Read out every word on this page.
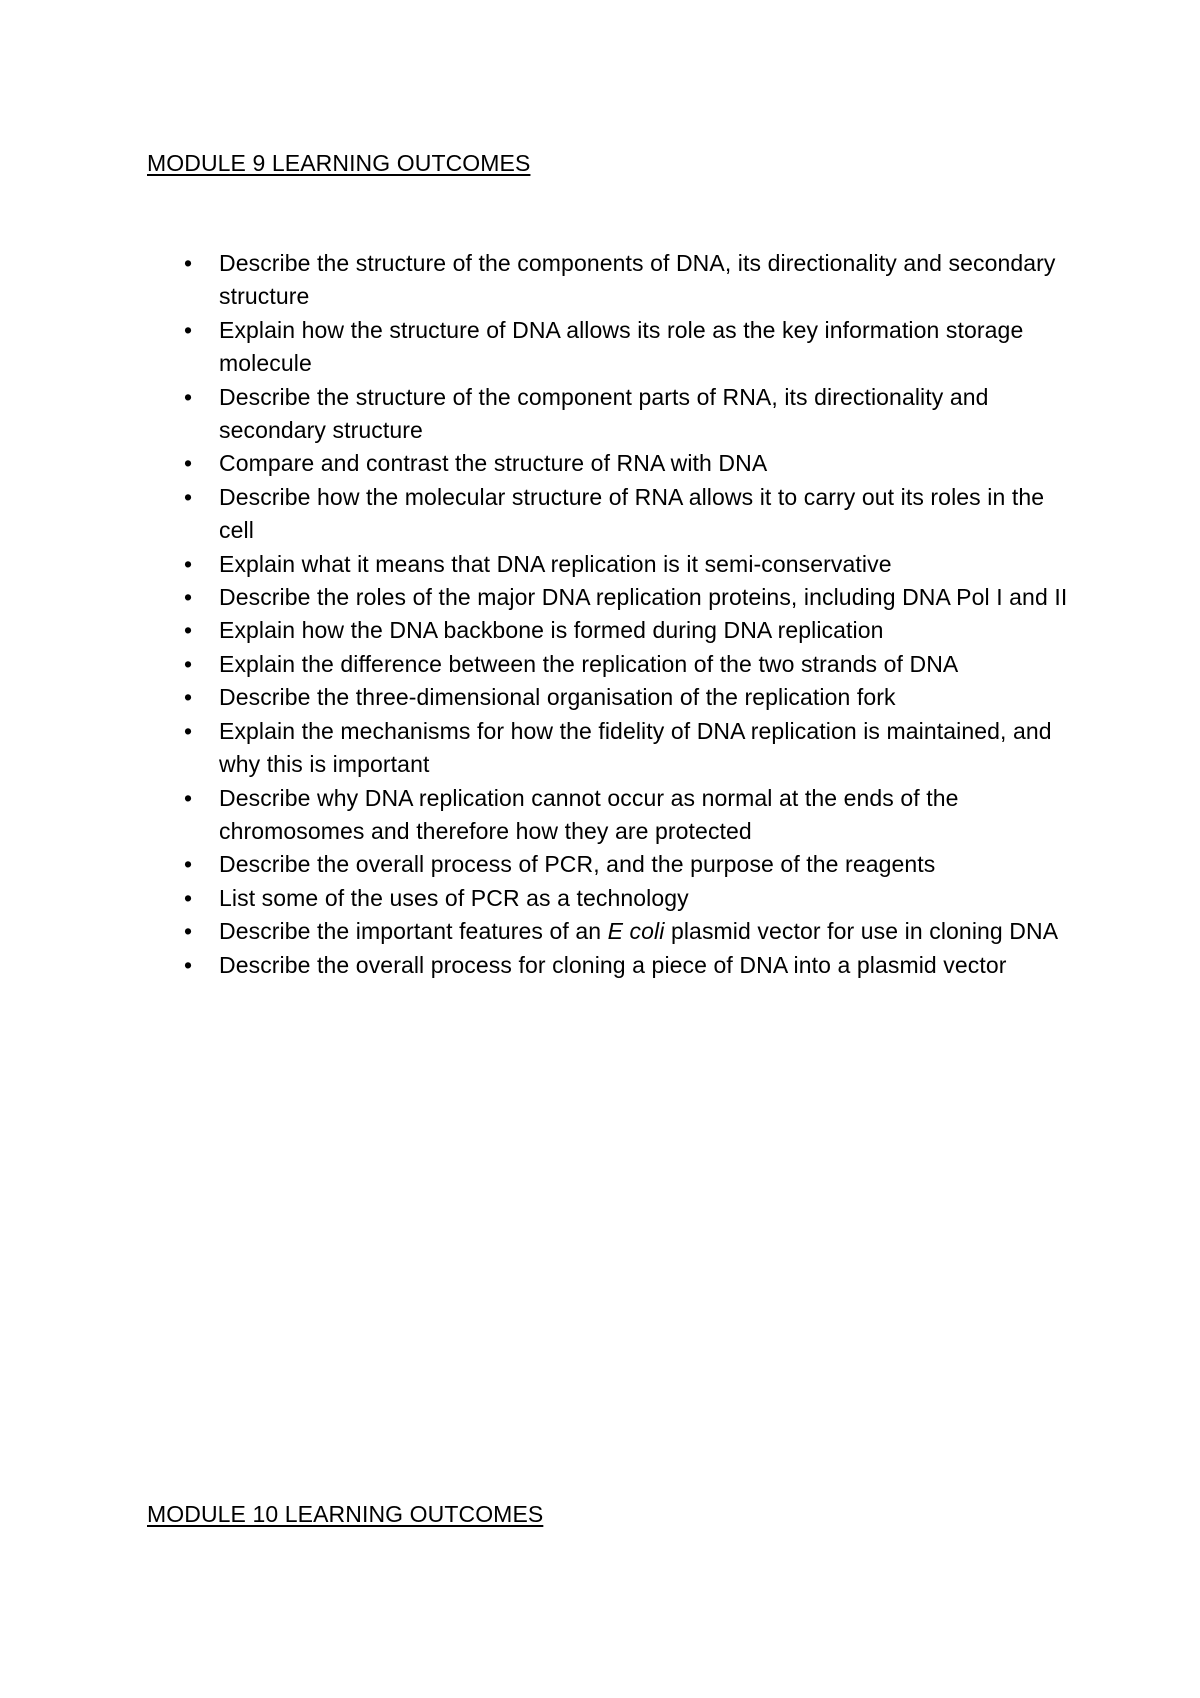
MODULE 9 LEARNING OUTCOMES
• Describe the structure of the components of DNA, its directionality and secondary structure
• Explain how the structure of DNA allows its role as the key information storage molecule
• Describe the structure of the component parts of RNA, its directionality and secondary structure
• Compare and contrast the structure of RNA with DNA
• Describe how the molecular structure of RNA allows it to carry out its roles in the cell
• Explain what it means that DNA replication is it semi-conservative
• Describe the roles of the major DNA replication proteins, including DNA Pol I and II
• Explain how the DNA backbone is formed during DNA replication
• Explain the difference between the replication of the two strands of DNA
• Describe the three-dimensional organisation of the replication fork
• Explain the mechanisms for how the fidelity of DNA replication is maintained, and why this is important
• Describe why DNA replication cannot occur as normal at the ends of the chromosomes and therefore how they are protected
• Describe the overall process of PCR, and the purpose of the reagents
• List some of the uses of PCR as a technology
• Describe the important features of an E coli plasmid vector for use in cloning DNA
• Describe the overall process for cloning a piece of DNA into a plasmid vector
MODULE 10 LEARNING OUTCOMES
